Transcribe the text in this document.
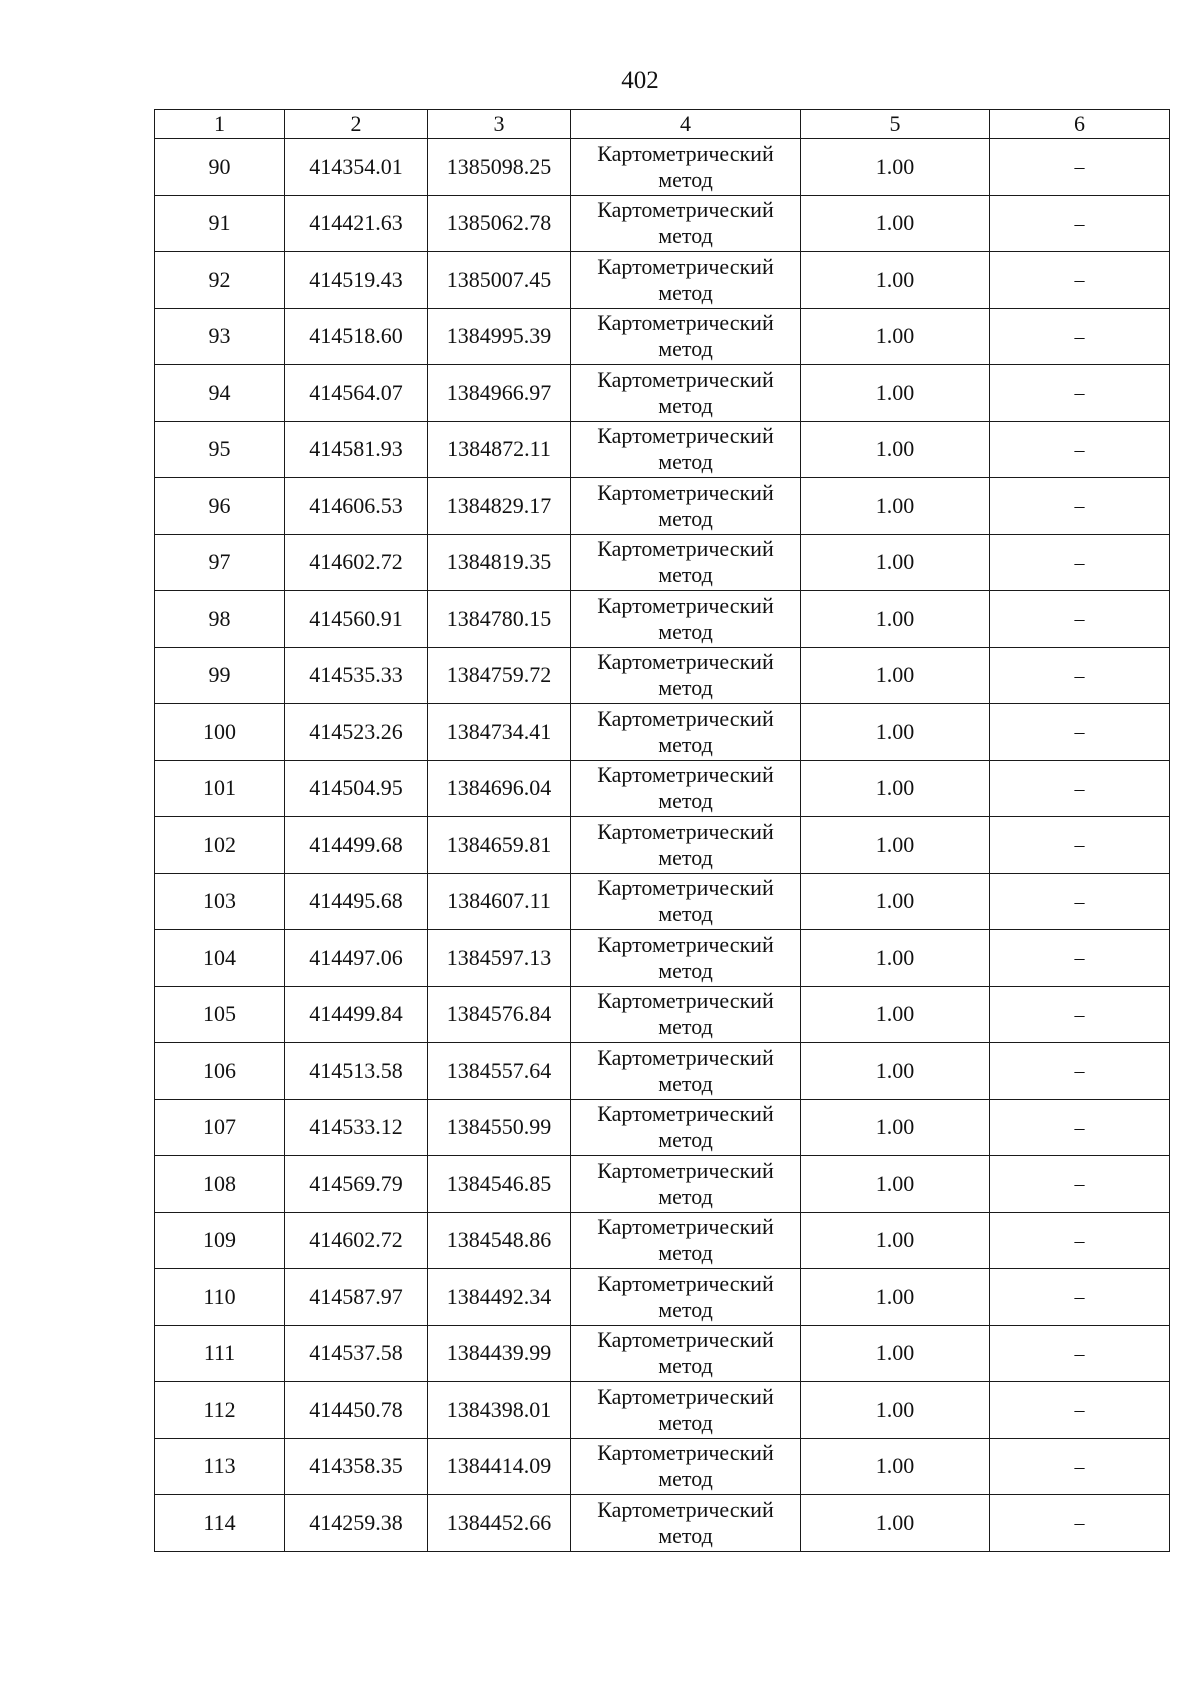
402
1	2	3	4	5	6
90	414354.01	1385098.25	Картометрический метод	1.00	–
91	414421.63	1385062.78	Картометрический метод	1.00	–
92	414519.43	1385007.45	Картометрический метод	1.00	–
93	414518.60	1384995.39	Картометрический метод	1.00	–
94	414564.07	1384966.97	Картометрический метод	1.00	–
95	414581.93	1384872.11	Картометрический метод	1.00	–
96	414606.53	1384829.17	Картометрический метод	1.00	–
97	414602.72	1384819.35	Картометрический метод	1.00	–
98	414560.91	1384780.15	Картометрический метод	1.00	–
99	414535.33	1384759.72	Картометрический метод	1.00	–
100	414523.26	1384734.41	Картометрический метод	1.00	–
101	414504.95	1384696.04	Картометрический метод	1.00	–
102	414499.68	1384659.81	Картометрический метод	1.00	–
103	414495.68	1384607.11	Картометрический метод	1.00	–
104	414497.06	1384597.13	Картометрический метод	1.00	–
105	414499.84	1384576.84	Картометрический метод	1.00	–
106	414513.58	1384557.64	Картометрический метод	1.00	–
107	414533.12	1384550.99	Картометрический метод	1.00	–
108	414569.79	1384546.85	Картометрический метод	1.00	–
109	414602.72	1384548.86	Картометрический метод	1.00	–
110	414587.97	1384492.34	Картометрический метод	1.00	–
111	414537.58	1384439.99	Картометрический метод	1.00	–
112	414450.78	1384398.01	Картометрический метод	1.00	–
113	414358.35	1384414.09	Картометрический метод	1.00	–
114	414259.38	1384452.66	Картометрический метод	1.00	–
